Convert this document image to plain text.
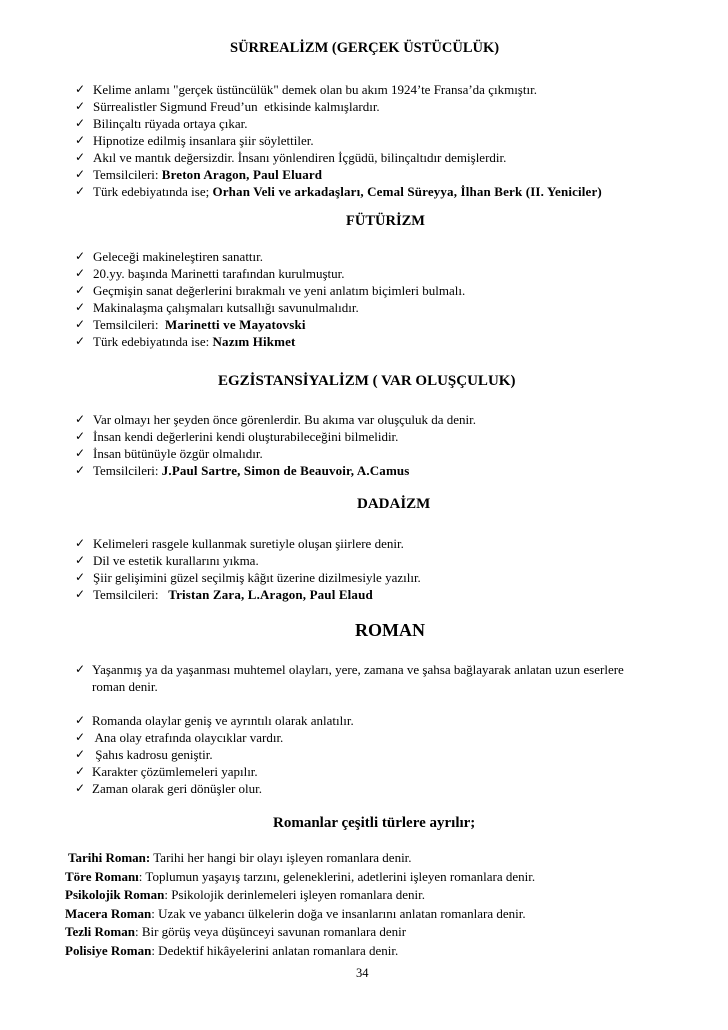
SÜRREALİZM (GERÇEK ÜSTÜCÜLÜK)
✓ Kelime anlamı "gerçek üstüncülük" demek olan bu akım 1924’te Fransa’da çıkmıştır.
✓ Sürrealistler Sigmund Freud’un  etkisinde kalmışlardır.
✓ Bilinçaltı rüyada ortaya çıkar.
✓ Hipnotize edilmiş insanlara şiir söylettiler.
✓ Akıl ve mantık değersizdir. İnsanı yönlendiren İçgüdü, bilinçaltıdır demişlerdir.
✓ Temsilcileri: Breton Aragon, Paul Eluard
✓ Türk edebiyatında ise; Orhan Veli ve arkadaşları, Cemal Süreyya, İlhan Berk (II. Yeniciler)
FÜTÜRİZM
✓ Geleceği makineleştiren sanattır.
✓ 20.yy. başında Marinetti tarafından kurulmuştur.
✓ Geçmişin sanat değerlerini bırakmalı ve yeni anlatım biçimleri bulmalı.
✓ Makinalaşma çalışmaları kutsallığı savunulmalıdır.
✓ Temsilcileri:  Marinetti ve Mayatovski
✓ Türk edebiyatında ise: Nazım Hikmet
EGZİSTANSİYALİZM ( VAR OLUŞÇULUK)
✓ Var olmayı her şeyden önce görenlerdir. Bu akıma var oluşçuluk da denir.
✓ İnsan kendi değerlerini kendi oluşturabileceğini bilmelidir.
✓ İnsan bütünüyle özgür olmalıdır.
✓ Temsilcileri: J.Paul Sartre, Simon de Beauvoir, A.Camus
DADAİZM
✓ Kelimeleri rasgele kullanmak suretiyle oluşan şiirlere denir.
✓ Dil ve estetik kurallarını yıkma.
✓ Şiir gelişimini güzel seçilmiş kâğıt üzerine dizilmesiyle yazılır.
✓ Temsilcileri:   Tristan Zara, L.Aragon, Paul Elaud
ROMAN
✓ Yaşanmış ya da yaşanması muhtemel olayları, yere, zamana ve şahsa bağlayarak anlatan uzun eserlere
roman denir.
✓ Romanda olaylar geniş ve ayrıntılı olarak anlatılır.
✓ Ana olay etrafında olaycıklar vardır.
✓ Şahıs kadrosu geniştir.
✓ Karakter çözümlemeleri yapılır.
✓ Zaman olarak geri dönüşler olur.
Romanlar çeşitli türlere ayrılır;
Tarihi Roman: Tarihi her hangi bir olayı işleyen romanlara denir.
Töre Romanı: Toplumun yaşayış tarzını, geleneklerini, adetlerini işleyen romanlara denir.
Psikolojik Roman: Psikolojik derinlemeleri işleyen romanlara denir.
Macera Roman: Uzak ve yabancı ülkelerin doğa ve insanlarını anlatan romanlara denir.
Tezli Roman: Bir görüş veya düşünceyi savunan romanlara denir
Polisiye Roman: Dedektif hikâyelerini anlatan romanlara denir.
34
